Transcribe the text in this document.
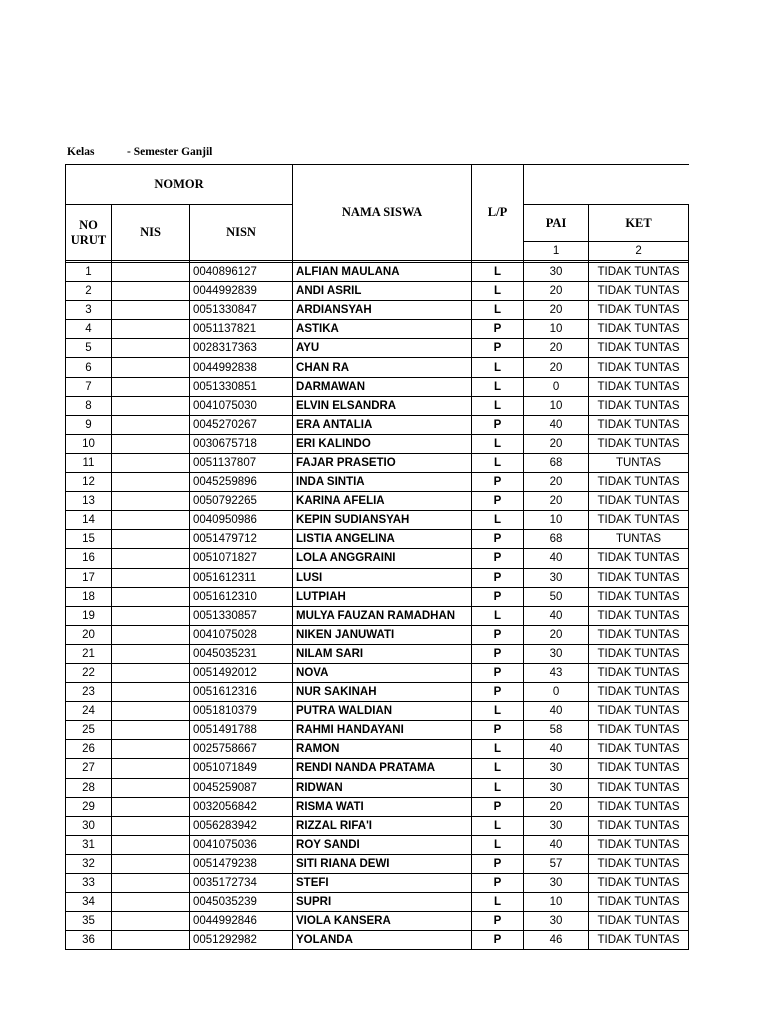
Kelas	- Semester Ganjil
NOMOR			NAMA SISWA	L/P		
NO URUT	NIS	NISN			PAI	KET
					1	2

1		0040896127	ALFIAN MAULANA	L	30	TIDAK TUNTAS
2		0044992839	ANDI ASRIL	L	20	TIDAK TUNTAS
3		0051330847	ARDIANSYAH	L	20	TIDAK TUNTAS
4		0051137821	ASTIKA	P	10	TIDAK TUNTAS
5		0028317363	AYU	P	20	TIDAK TUNTAS
6		0044992838	CHAN RA	L	20	TIDAK TUNTAS
7		0051330851	DARMAWAN	L	0	TIDAK TUNTAS
8		0041075030	ELVIN ELSANDRA	L	10	TIDAK TUNTAS
9		0045270267	ERA ANTALIA	P	40	TIDAK TUNTAS
10		0030675718	ERI KALINDO	L	20	TIDAK TUNTAS
11		0051137807	FAJAR PRASETIO	L	68	TUNTAS
12		0045259896	INDA SINTIA	P	20	TIDAK TUNTAS
13		0050792265	KARINA AFELIA	P	20	TIDAK TUNTAS
14		0040950986	KEPIN SUDIANSYAH	L	10	TIDAK TUNTAS
15		0051479712	LISTIA ANGELINA	P	68	TUNTAS
16		0051071827	LOLA ANGGRAINI	P	40	TIDAK TUNTAS
17		0051612311	LUSI	P	30	TIDAK TUNTAS
18		0051612310	LUTPIAH	P	50	TIDAK TUNTAS
19		0051330857	MULYA FAUZAN RAMADHAN	L	40	TIDAK TUNTAS
20		0041075028	NIKEN JANUWATI	P	20	TIDAK TUNTAS
21		0045035231	NILAM SARI	P	30	TIDAK TUNTAS
22		0051492012	NOVA	P	43	TIDAK TUNTAS
23		0051612316	NUR SAKINAH	P	0	TIDAK TUNTAS
24		0051810379	PUTRA WALDIAN	L	40	TIDAK TUNTAS
25		0051491788	RAHMI HANDAYANI	P	58	TIDAK TUNTAS
26		0025758667	RAMON	L	40	TIDAK TUNTAS
27		0051071849	RENDI NANDA PRATAMA	L	30	TIDAK TUNTAS
28		0045259087	RIDWAN	L	30	TIDAK TUNTAS
29		0032056842	RISMA WATI	P	20	TIDAK TUNTAS
30		0056283942	RIZZAL RIFA'I	L	30	TIDAK TUNTAS
31		0041075036	ROY SANDI	L	40	TIDAK TUNTAS
32		0051479238	SITI RIANA DEWI	P	57	TIDAK TUNTAS
33		0035172734	STEFI	P	30	TIDAK TUNTAS
34		0045035239	SUPRI	L	10	TIDAK TUNTAS
35		0044992846	VIOLA KANSERA	P	30	TIDAK TUNTAS
36		0051292982	YOLANDA	P	46	TIDAK TUNTAS
